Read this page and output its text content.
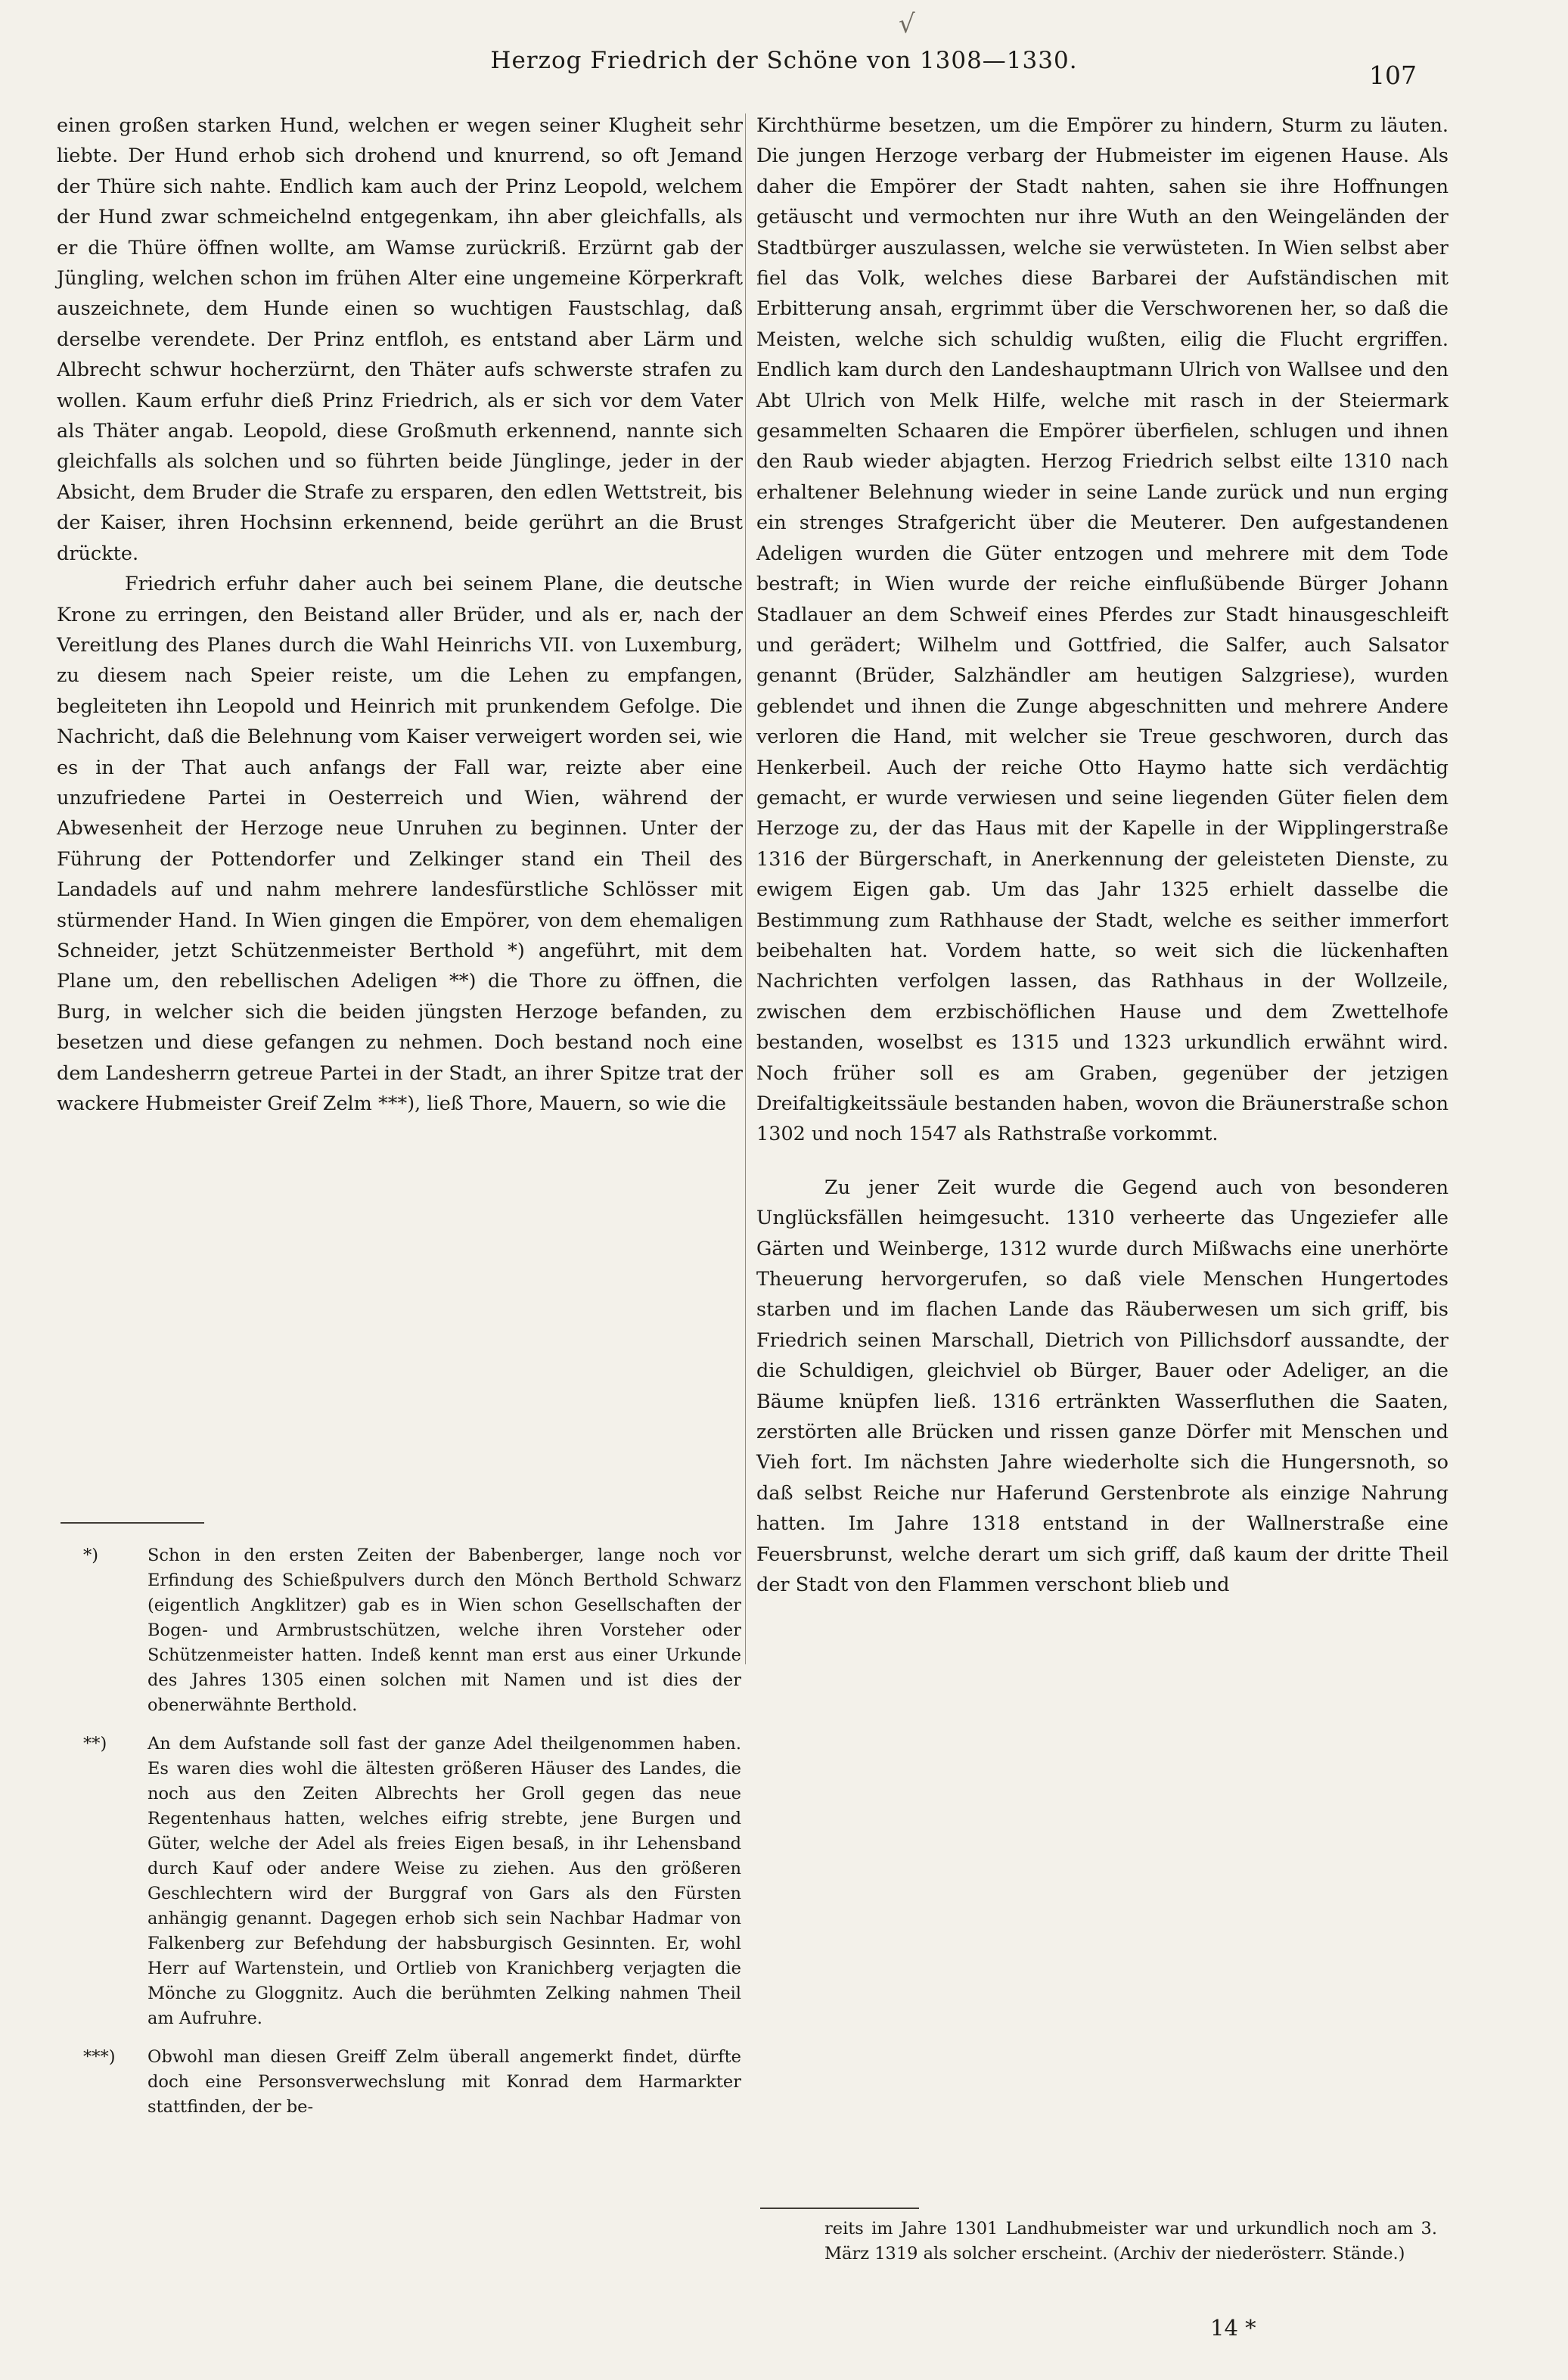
Herzog Friedrich der Schöne von 1308—1330.	107
√

einen großen starken Hund, welchen er wegen seiner Klugheit sehr liebte. Der Hund erhob sich drohend und knurrend, so oft Jemand der Thüre sich nahte. Endlich kam auch der Prinz Leopold, welchem der Hund zwar schmeichelnd entgegenkam, ihn aber gleichfalls, als er die Thüre öffnen wollte, am Wamse zurückriß. Erzürnt gab der Jüngling, welchen schon im frühen Alter eine ungemeine Körperkraft auszeichnete, dem Hunde einen so wuchtigen Faustschlag, daß derselbe verendete. Der Prinz entfloh, es entstand aber Lärm und Albrecht schwur hocherzürnt, den Thäter aufs schwerste strafen zu wollen. Kaum erfuhr dieß Prinz Friedrich, als er sich vor dem Vater als Thäter angab. Leopold, diese Großmuth erkennend, nannte sich gleichfalls als solchen und so führten beide Jünglinge, jeder in der Absicht, dem Bruder die Strafe zu ersparen, den edlen Wettstreit, bis der Kaiser, ihren Hochsinn erkennend, beide gerührt an die Brust drückte.

Friedrich erfuhr daher auch bei seinem Plane, die deutsche Krone zu erringen, den Beistand aller Brüder, und als er, nach der Vereitlung des Planes durch die Wahl Heinrichs VII. von Luxemburg, zu diesem nach Speier reiste, um die Lehen zu empfangen, begleiteten ihn Leopold und Heinrich mit prunkendem Gefolge. Die Nachricht, daß die Belehnung vom Kaiser verweigert worden sei, wie es in der That auch anfangs der Fall war, reizte aber eine unzufriedene Partei in Oesterreich und Wien, während der Abwesenheit der Herzoge neue Unruhen zu beginnen. Unter der Führung der Pottendorfer und Zelkinger stand ein Theil des Landadels auf und nahm mehrere landesfürstliche Schlösser mit stürmender Hand. In Wien gingen die Empörer, von dem ehemaligen Schneider, jetzt Schützenmeister Berthold *) angeführt, mit dem Plane um, den rebellischen Adeligen **) die Thore zu öffnen, die Burg, in welcher sich die beiden jüngsten Herzoge befanden, zu besetzen und diese gefangen zu nehmen. Doch bestand noch eine dem Landesherrn getreue Partei in der Stadt, an ihrer Spitze trat der wackere Hubmeister Greif Zelm ***), ließ Thore, Mauern, so wie die

Kirchthürme besetzen, um die Empörer zu hindern, Sturm zu läuten. Die jungen Herzoge verbarg der Hubmeister im eigenen Hause. Als daher die Empörer der Stadt nahten, sahen sie ihre Hoffnungen getäuscht und vermochten nur ihre Wuth an den Weingeländen der Stadtbürger auszulassen, welche sie verwüsteten. In Wien selbst aber fiel das Volk, welches diese Barbarei der Aufständischen mit Erbitterung ansah, ergrimmt über die Verschworenen her, so daß die Meisten, welche sich schuldig wußten, eilig die Flucht ergriffen. Endlich kam durch den Landeshauptmann Ulrich von Wallsee und den Abt Ulrich von Melk Hilfe, welche mit rasch in der Steiermark gesammelten Schaaren die Empörer überfielen, schlugen und ihnen den Raub wieder abjagten. Herzog Friedrich selbst eilte 1310 nach erhaltener Belehnung wieder in seine Lande zurück und nun erging ein strenges Strafgericht über die Meuterer. Den aufgestandenen Adeligen wurden die Güter entzogen und mehrere mit dem Tode bestraft; in Wien wurde der reiche einflußübende Bürger Johann Stadlauer an dem Schweif eines Pferdes zur Stadt hinausgeschleift und gerädert; Wilhelm und Gottfried, die Salfer, auch Salsator genannt (Brüder, Salzhändler am heutigen Salzgriese), wurden geblendet und ihnen die Zunge abgeschnitten und mehrere Andere verloren die Hand, mit welcher sie Treue geschworen, durch das Henkerbeil. Auch der reiche Otto Haymo hatte sich verdächtig gemacht, er wurde verwiesen und seine liegenden Güter fielen dem Herzoge zu, der das Haus mit der Kapelle in der Wipplingerstraße 1316 der Bürgerschaft, in Anerkennung der geleisteten Dienste, zu ewigem Eigen gab. Um das Jahr 1325 erhielt dasselbe die Bestimmung zum Rathhause der Stadt, welche es seither immerfort beibehalten hat. Vordem hatte, so weit sich die lückenhaften Nachrichten verfolgen lassen, das Rathhaus in der Wollzeile, zwischen dem erzbischöflichen Hause und dem Zwettelhofe bestanden, woselbst es 1315 und 1323 urkundlich erwähnt wird. Noch früher soll es am Graben, gegenüber der jetzigen Dreifaltigkeitssäule bestanden haben, wovon die Bräunerstraße schon 1302 und noch 1547 als Rathstraße vorkommt.

Zu jener Zeit wurde die Gegend auch von besonderen Unglücksfällen heimgesucht. 1310 verheerte das Ungeziefer alle Gärten und Weinberge, 1312 wurde durch Mißwachs eine unerhörte Theuerung hervorgerufen, so daß viele Menschen Hungertodes starben und im flachen Lande das Räuberwesen um sich griff, bis Friedrich seinen Marschall, Dietrich von Pillichsdorf aussandte, der die Schuldigen, gleichviel ob Bürger, Bauer oder Adeliger, an die Bäume knüpfen ließ. 1316 ertränkten Wasserfluthen die Saaten, zerstörten alle Brücken und rissen ganze Dörfer mit Menschen und Vieh fort. Im nächsten Jahre wiederholte sich die Hungersnoth, so daß selbst Reiche nur Haferund Gerstenbrote als einzige Nahrung hatten. Im Jahre 1318 entstand in der Wallnerstraße eine Feuersbrunst, welche derart um sich griff, daß kaum der dritte Theil der Stadt von den Flammen verschont blieb und

*)	Schon in den ersten Zeiten der Babenberger, lange noch vor Erfindung des Schießpulvers durch den Mönch Berthold Schwarz (eigentlich Angklitzer) gab es in Wien schon Gesellschaften der Bogen- und Armbrustschützen, welche ihren Vorsteher oder Schützenmeister hatten. Indeß kennt man erst aus einer Urkunde des Jahres 1305 einen solchen mit Namen und ist dies der obenerwähnte Berthold.
**) An dem Aufstande soll fast der ganze Adel theilgenommen haben. Es waren dies wohl die ältesten größeren Häuser des Landes, die noch aus den Zeiten Albrechts her Groll gegen das neue Regentenhaus hatten, welches eifrig strebte, jene Burgen und Güter, welche der Adel als freies Eigen besaß, in ihr Lehensband durch Kauf oder andere Weise zu ziehen. Aus den größeren Geschlechtern wird der Burggraf von Gars als den Fürsten anhängig genannt. Dagegen erhob sich sein Nachbar Hadmar von Falkenberg zur Befehdung der habsburgisch Gesinnten. Er, wohl Herr auf Wartenstein, und Ortlieb von Kranichberg verjagten die Mönche zu Gloggnitz. Auch die berühmten Zelking nahmen Theil am Aufruhre.
***) Obwohl man diesen Greiff Zelm überall angemerkt findet, dürfte doch eine Personsverwechslung mit Konrad dem Harmarkter stattfinden, der be-
reits im Jahre 1301 Landhubmeister war und urkundlich noch am 3. März 1319 als solcher erscheint. (Archiv der niederösterr. Stände.)
14 *
